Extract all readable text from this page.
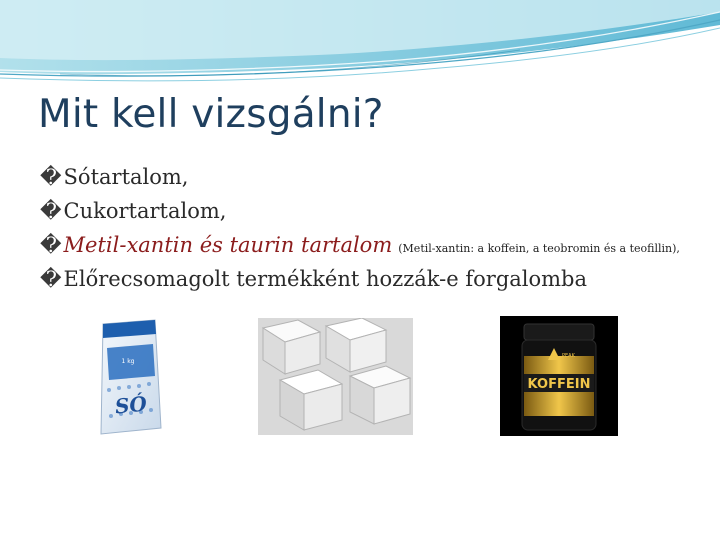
Mit kell vizsgálni?
�Sótartalom,
�Cukortartalom,
�Metil-xantin és taurin tartalom (Metil-xantin: a koffein, a teobromin és a teofillin),
�Előrecsomagolt termékként hozzák-e forgalomba
1 kg
SÓ
PEAK
KOFFEIN
